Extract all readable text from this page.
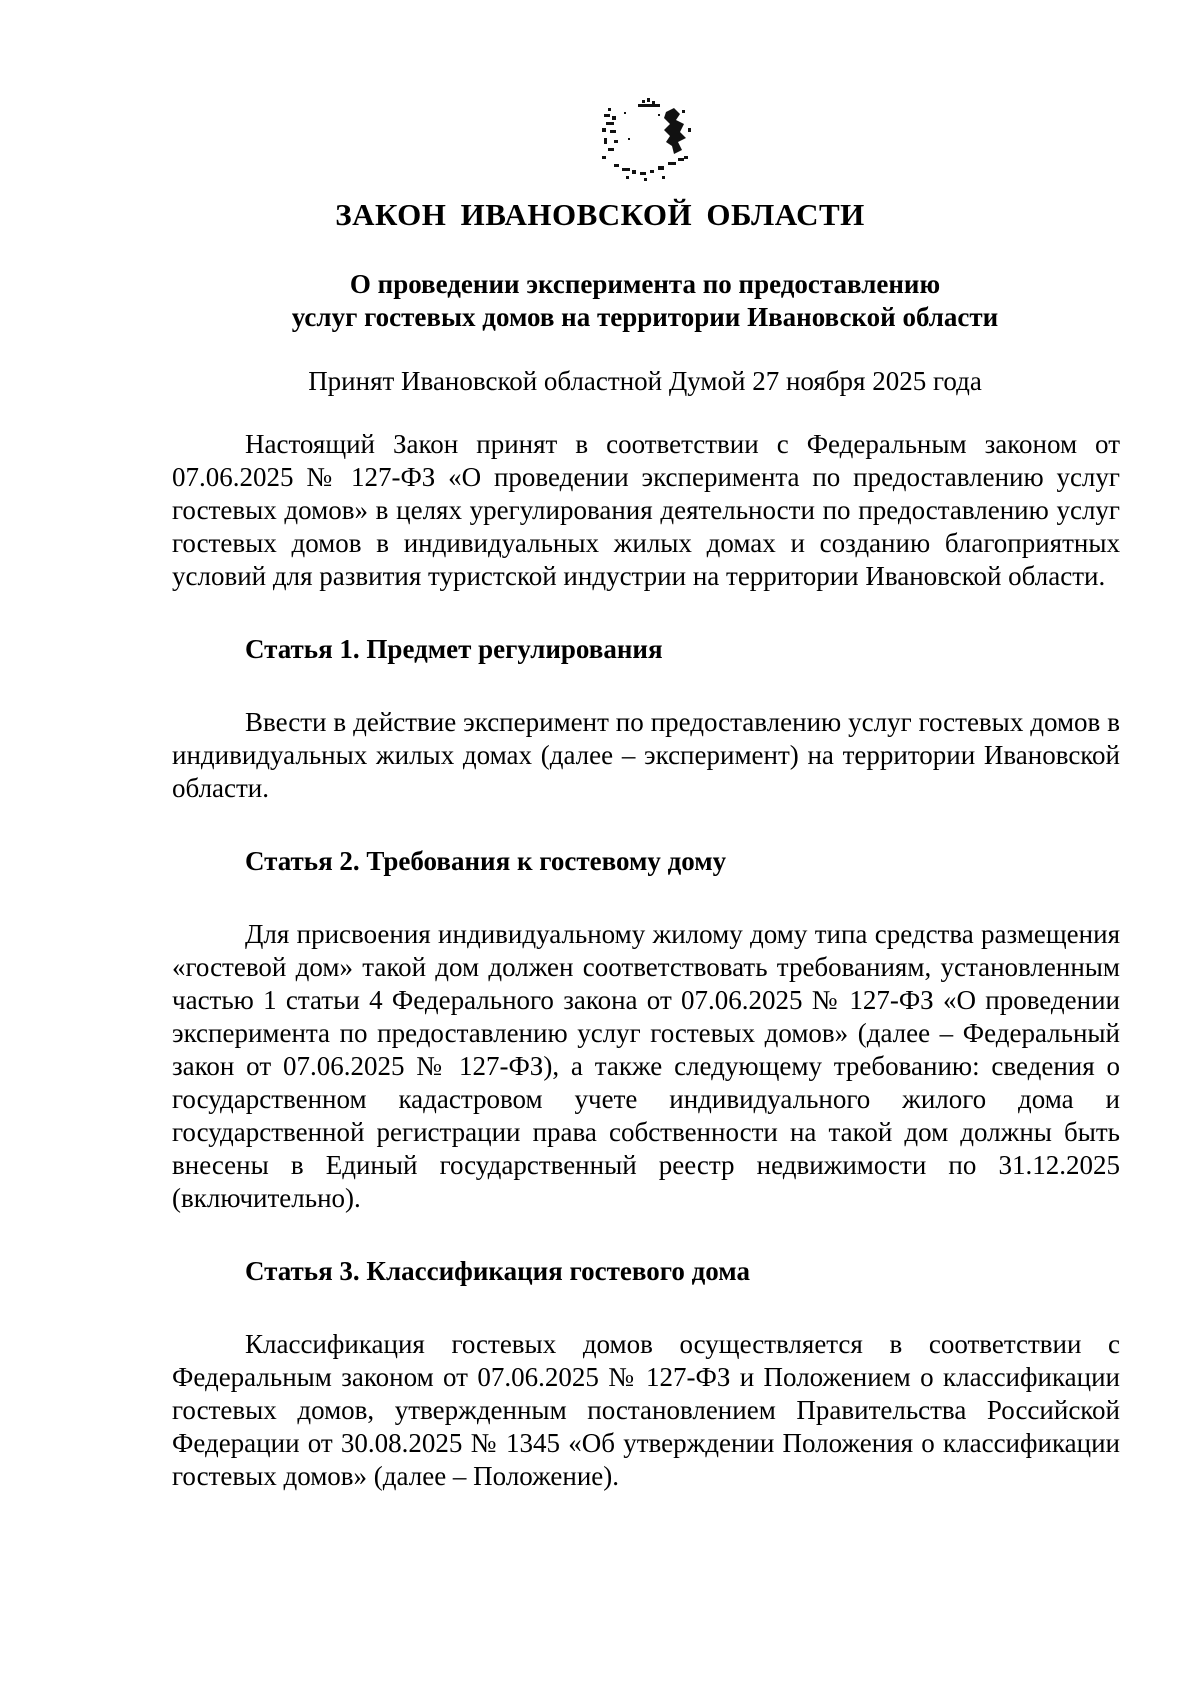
ЗАКОН ИВАНОВСКОЙ ОБЛАСТИ
О проведении эксперимента по предоставлению
услуг гостевых домов на территории Ивановской области
Принят Ивановской областной Думой 27 ноября 2025 года

Настоящий Закон принят в соответствии с Федеральным законом от 07.06.2025 № 127-ФЗ «О проведении эксперимента по предоставлению услуг гостевых домов» в целях урегулирования деятельности по предоставлению услуг гостевых домов в индивидуальных жилых домах и созданию благоприятных условий для развития туристской индустрии на территории Ивановской области.

Статья 1. Предмет регулирования

Ввести в действие эксперимент по предоставлению услуг гостевых домов в индивидуальных жилых домах (далее – эксперимент) на территории Ивановской области.

Статья 2. Требования к гостевому дому

Для присвоения индивидуальному жилому дому типа средства размещения «гостевой дом» такой дом должен соответствовать требованиям, установленным частью 1 статьи 4 Федерального закона от 07.06.2025 № 127-ФЗ «О проведении эксперимента по предоставлению услуг гостевых домов» (далее – Федеральный закон от 07.06.2025 № 127-ФЗ), а также следующему требованию: сведения о государственном кадастровом учете индивидуального жилого дома и государственной регистрации права собственности на такой дом должны быть внесены в Единый государственный реестр недвижимости по 31.12.2025 (включительно).

Статья 3. Классификация гостевого дома

Классификация гостевых домов осуществляется в соответствии с Федеральным законом от 07.06.2025 № 127-ФЗ и Положением о классификации гостевых домов, утвержденным постановлением Правительства Российской Федерации от 30.08.2025 № 1345 «Об утверждении Положения о классификации гостевых домов» (далее – Положение).
